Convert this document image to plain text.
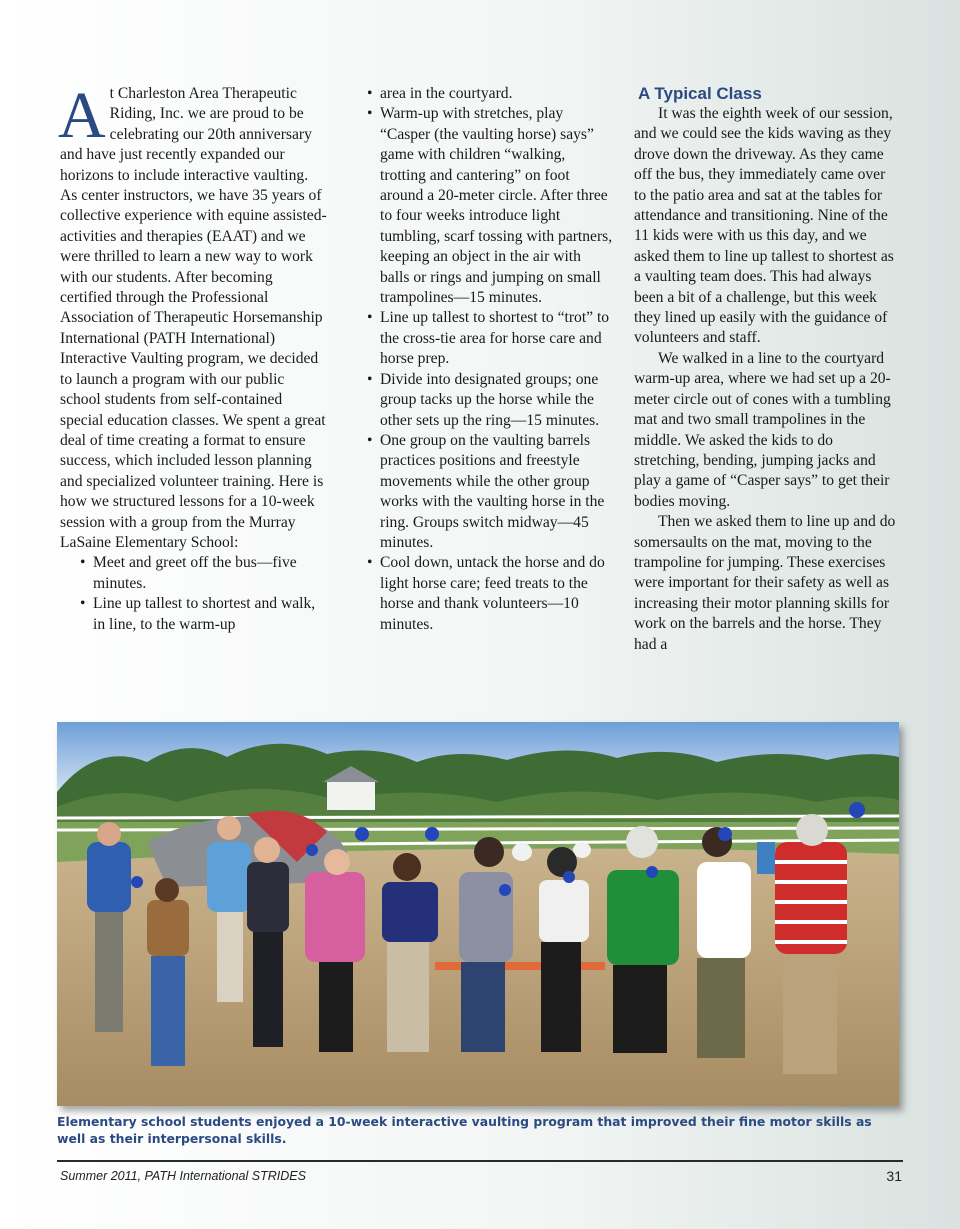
At Charleston Area Therapeutic Riding, Inc. we are proud to be celebrating our 20th anniversary and have just recently expanded our horizons to include interactive vaulting. As center instructors, we have 35 years of collective experience with equine assisted-activities and therapies (EAAT) and we were thrilled to learn a new way to work with our students. After becoming certified through the Professional Association of Therapeutic Horsemanship International (PATH International) Interactive Vaulting program, we decided to launch a program with our public school students from self-contained special education classes. We spent a great deal of time creating a format to ensure success, which included lesson planning and specialized volunteer training. Here is how we structured lessons for a 10-week session with a group from the Murray LaSaine Elementary School:

• Meet and greet off the bus—five minutes.
• Line up tallest to shortest and walk, in line, to the warm-up
• area in the courtyard.
• Warm-up with stretches, play “Casper (the vaulting horse) says” game with children “walking, trotting and cantering” on foot around a 20-meter circle. After three to four weeks introduce light tumbling, scarf tossing with partners, keeping an object in the air with balls or rings and jumping on small trampolines—15 minutes.
• Line up tallest to shortest to “trot” to the cross-tie area for horse care and horse prep.
• Divide into designated groups; one group tacks up the horse while the other sets up the ring—15 minutes.
• One group on the vaulting barrels practices positions and freestyle movements while the other group works with the vaulting horse in the ring. Groups switch midway—45 minutes.
• Cool down, untack the horse and do light horse care; feed treats to the horse and thank volunteers—10 minutes.
A Typical Class

It was the eighth week of our session, and we could see the kids waving as they drove down the driveway. As they came off the bus, they immediately came over to the patio area and sat at the tables for attendance and transitioning. Nine of the 11 kids were with us this day, and we asked them to line up tallest to shortest as a vaulting team does. This had always been a bit of a challenge, but this week they lined up easily with the guidance of volunteers and staff.

We walked in a line to the courtyard warm-up area, where we had set up a 20-meter circle out of cones with a tumbling mat and two small trampolines in the middle. We asked the kids to do stretching, bending, jumping jacks and play a game of “Casper says” to get their bodies moving.

Then we asked them to line up and do somersaults on the mat, moving to the trampoline for jumping. These exercises were important for their safety as well as increasing their motor planning skills for work on the barrels and the horse. They had a

Elementary school students enjoyed a 10-week interactive vaulting program that improved their fine motor skills as well as their interpersonal skills.
Summer 2011, PATH International STRIDES	31
